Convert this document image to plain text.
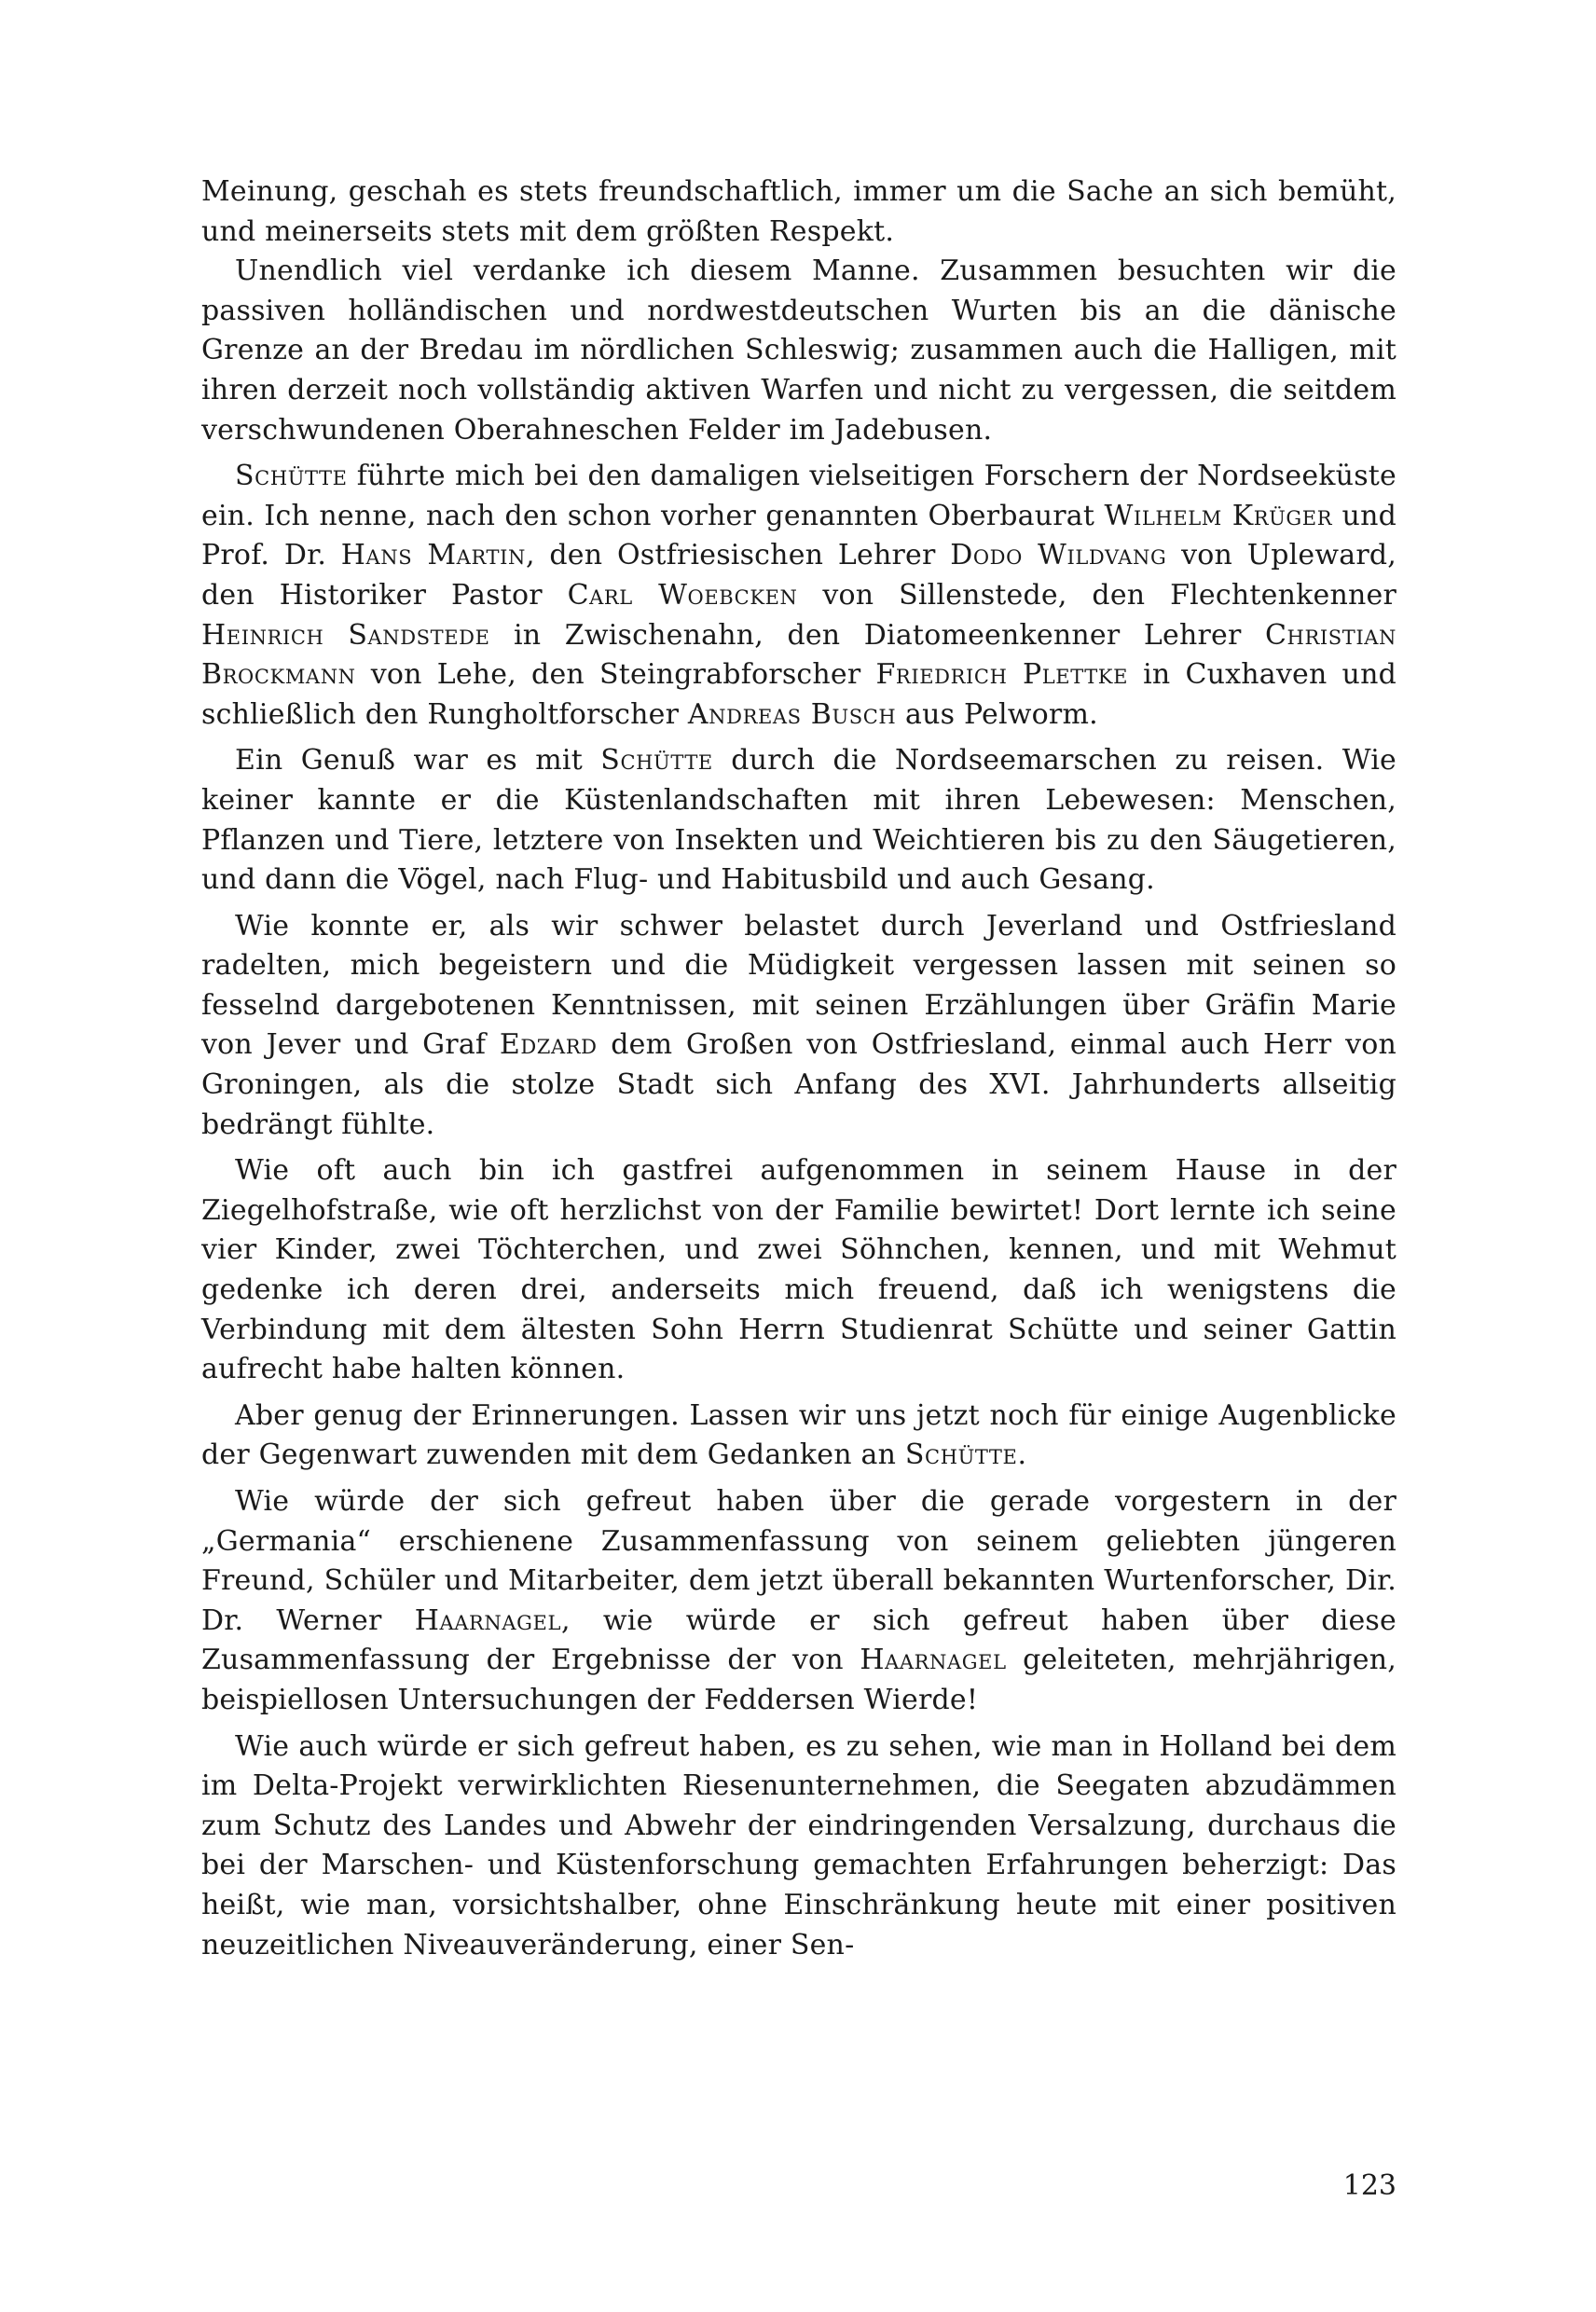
Meinung, geschah es stets freundschaftlich, immer um die Sache an sich bemüht, und meinerseits stets mit dem größten Respekt.

Unendlich viel verdanke ich diesem Manne. Zusammen besuchten wir die passiven holländischen und nordwestdeutschen Wurten bis an die dänische Grenze an der Bredau im nördlichen Schleswig; zusammen auch die Halligen, mit ihren derzeit noch vollständig aktiven Warfen und nicht zu vergessen, die seitdem verschwundenen Oberahneschen Felder im Jadebusen.

Schütte führte mich bei den damaligen vielseitigen Forschern der Nordseeküste ein. Ich nenne, nach den schon vorher genannten Oberbaurat Wilhelm Krüger und Prof. Dr. Hans Martin, den Ostfriesischen Lehrer Dodo Wildvang von Upleward, den Historiker Pastor Carl Woebcken von Sillenstede, den Flechtenkenner Heinrich Sandstede in Zwischenahn, den Diatomeenkenner Lehrer Christian Brockmann von Lehe, den Steingrabforscher Friedrich Plettke in Cuxhaven und schließlich den Rungholtforscher Andreas Busch aus Pelworm.

Ein Genuß war es mit Schütte durch die Nordseemarschen zu reisen. Wie keiner kannte er die Küstenlandschaften mit ihren Lebewesen: Menschen, Pflanzen und Tiere, letztere von Insekten und Weichtieren bis zu den Säugetieren, und dann die Vögel, nach Flug- und Habitusbild und auch Gesang.

Wie konnte er, als wir schwer belastet durch Jeverland und Ostfriesland radelten, mich begeistern und die Müdigkeit vergessen lassen mit seinen so fesselnd dargebotenen Kenntnissen, mit seinen Erzählungen über Gräfin Marie von Jever und Graf Edzard dem Großen von Ostfriesland, einmal auch Herr von Groningen, als die stolze Stadt sich Anfang des XVI. Jahrhunderts allseitig bedrängt fühlte.

Wie oft auch bin ich gastfrei aufgenommen in seinem Hause in der Ziegelhofstraße, wie oft herzlichst von der Familie bewirtet! Dort lernte ich seine vier Kinder, zwei Töchterchen, und zwei Söhnchen, kennen, und mit Wehmut gedenke ich deren drei, anderseits mich freuend, daß ich wenigstens die Verbindung mit dem ältesten Sohn Herrn Studienrat Schütte und seiner Gattin aufrecht habe halten können.

Aber genug der Erinnerungen. Lassen wir uns jetzt noch für einige Augenblicke der Gegenwart zuwenden mit dem Gedanken an Schütte.

Wie würde der sich gefreut haben über die gerade vorgestern in der „Germania“ erschienene Zusammenfassung von seinem geliebten jüngeren Freund, Schüler und Mitarbeiter, dem jetzt überall bekannten Wurtenforscher, Dir. Dr. Werner Haarnagel, wie würde er sich gefreut haben über diese Zusammenfassung der Ergebnisse der von Haarnagel geleiteten, mehrjährigen, beispiellosen Untersuchungen der Feddersen Wierde!

Wie auch würde er sich gefreut haben, es zu sehen, wie man in Holland bei dem im Delta-Projekt verwirklichten Riesenunternehmen, die Seegaten abzudämmen zum Schutz des Landes und Abwehr der eindringenden Versalzung, durchaus die bei der Marschen- und Küstenforschung gemachten Erfahrungen beherzigt: Das heißt, wie man, vorsichtshalber, ohne Einschränkung heute mit einer positiven neuzeitlichen Niveauveränderung, einer Sen-

123
